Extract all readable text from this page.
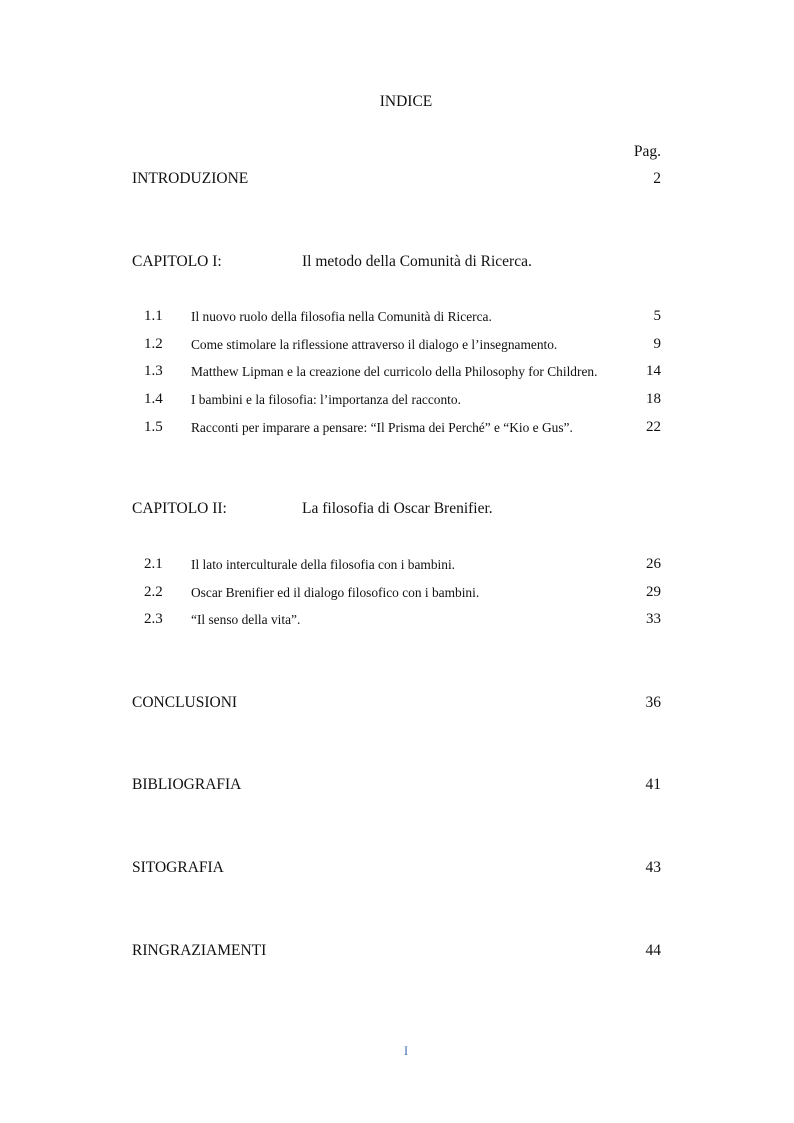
INDICE
Pag.
INTRODUZIONE	2
CAPITOLO I:	Il metodo della Comunità di Ricerca.
1.1 Il nuovo ruolo della filosofia nella Comunità di Ricerca.	5
1.2 Come stimolare la riflessione attraverso il dialogo e l’insegnamento.	9
1.3 Matthew Lipman e la creazione del curricolo della Philosophy for Children.	14
1.4 I bambini e la filosofia: l’importanza del racconto.	18
1.5 Racconti per imparare a pensare: “Il Prisma dei Perché” e “Kio e Gus”.	22
CAPITOLO II:	La filosofia di Oscar Brenifier.
2.1 Il lato interculturale della filosofia con i bambini.	26
2.2 Oscar Brenifier ed il dialogo filosofico con i bambini.	29
2.3 “Il senso della vita”.	33
CONCLUSIONI	36
BIBLIOGRAFIA	41
SITOGRAFIA	43
RINGRAZIAMENTI	44
I
